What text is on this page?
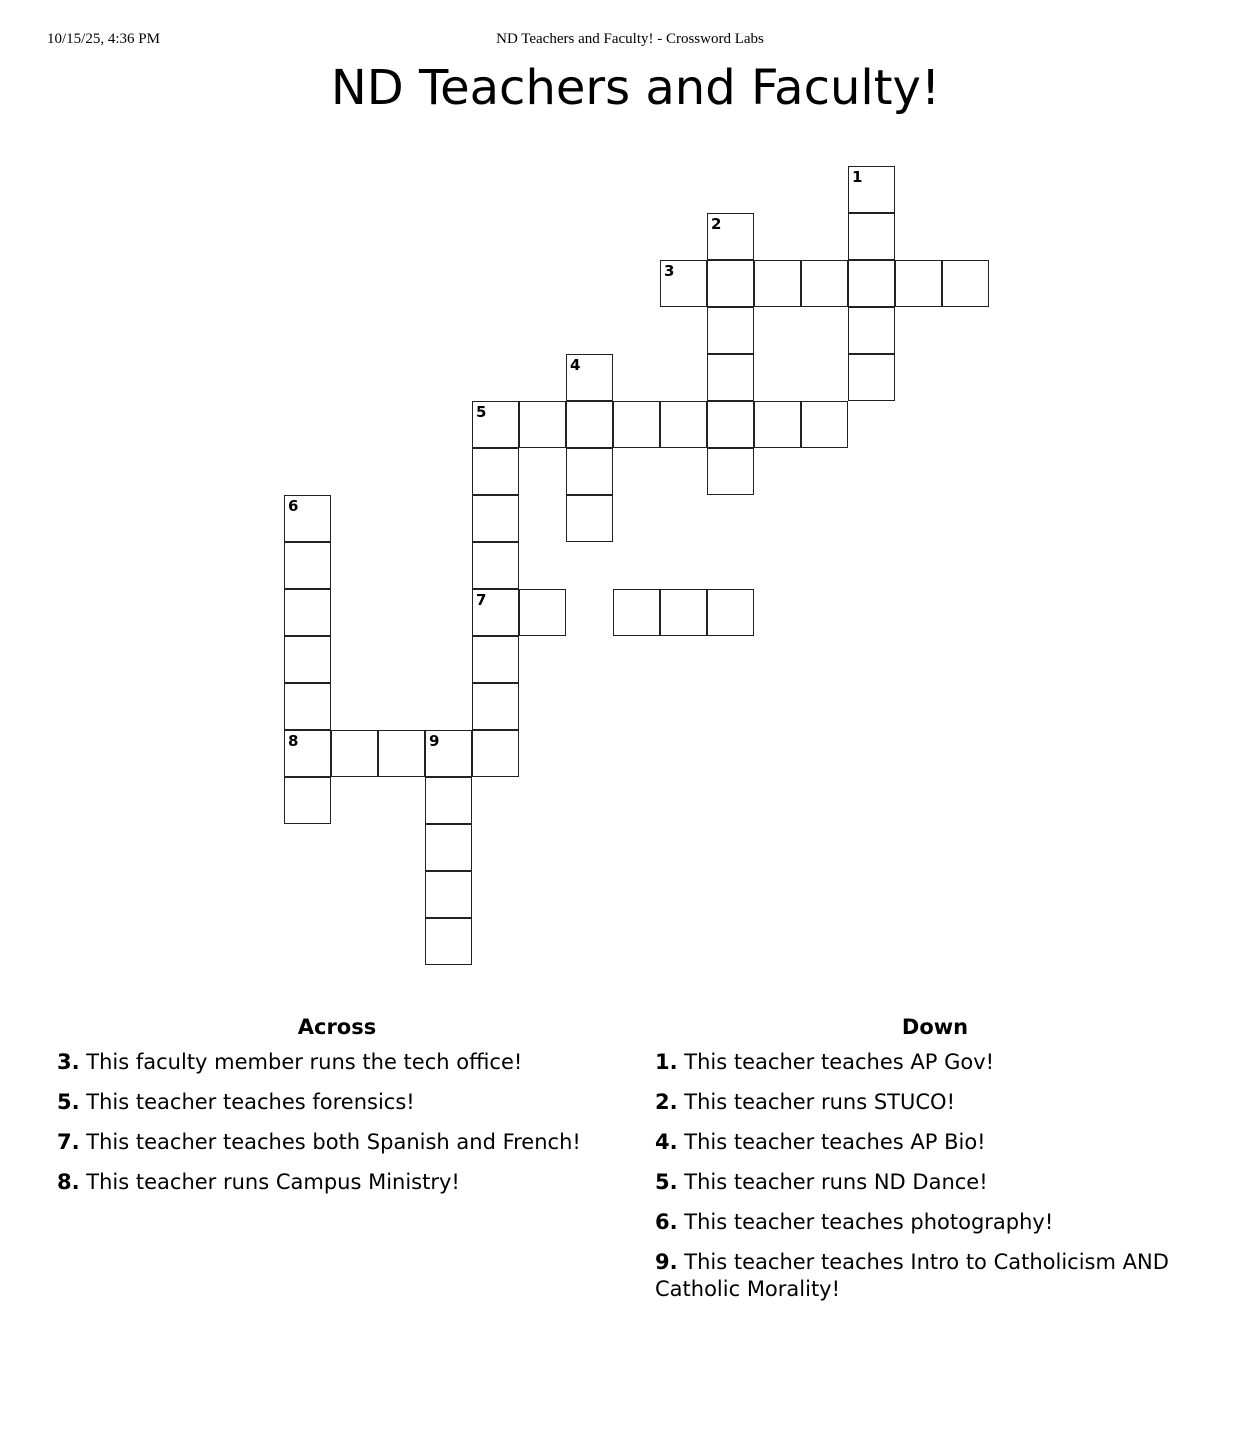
10/15/25, 4:36 PM	ND Teachers and Faculty! - Crossword Labs
ND Teachers and Faculty!
1
2
3
4
5
7
6
8	9
Across
3. This faculty member runs the tech office!
5. This teacher teaches forensics!
7. This teacher teaches both Spanish and French!
8. This teacher runs Campus Ministry!
Down
1. This teacher teaches AP Gov!
2. This teacher runs STUCO!
4. This teacher teaches AP Bio!
5. This teacher runs ND Dance!
6. This teacher teaches photography!
9. This teacher teaches Intro to Catholicism AND Catholic Morality!
